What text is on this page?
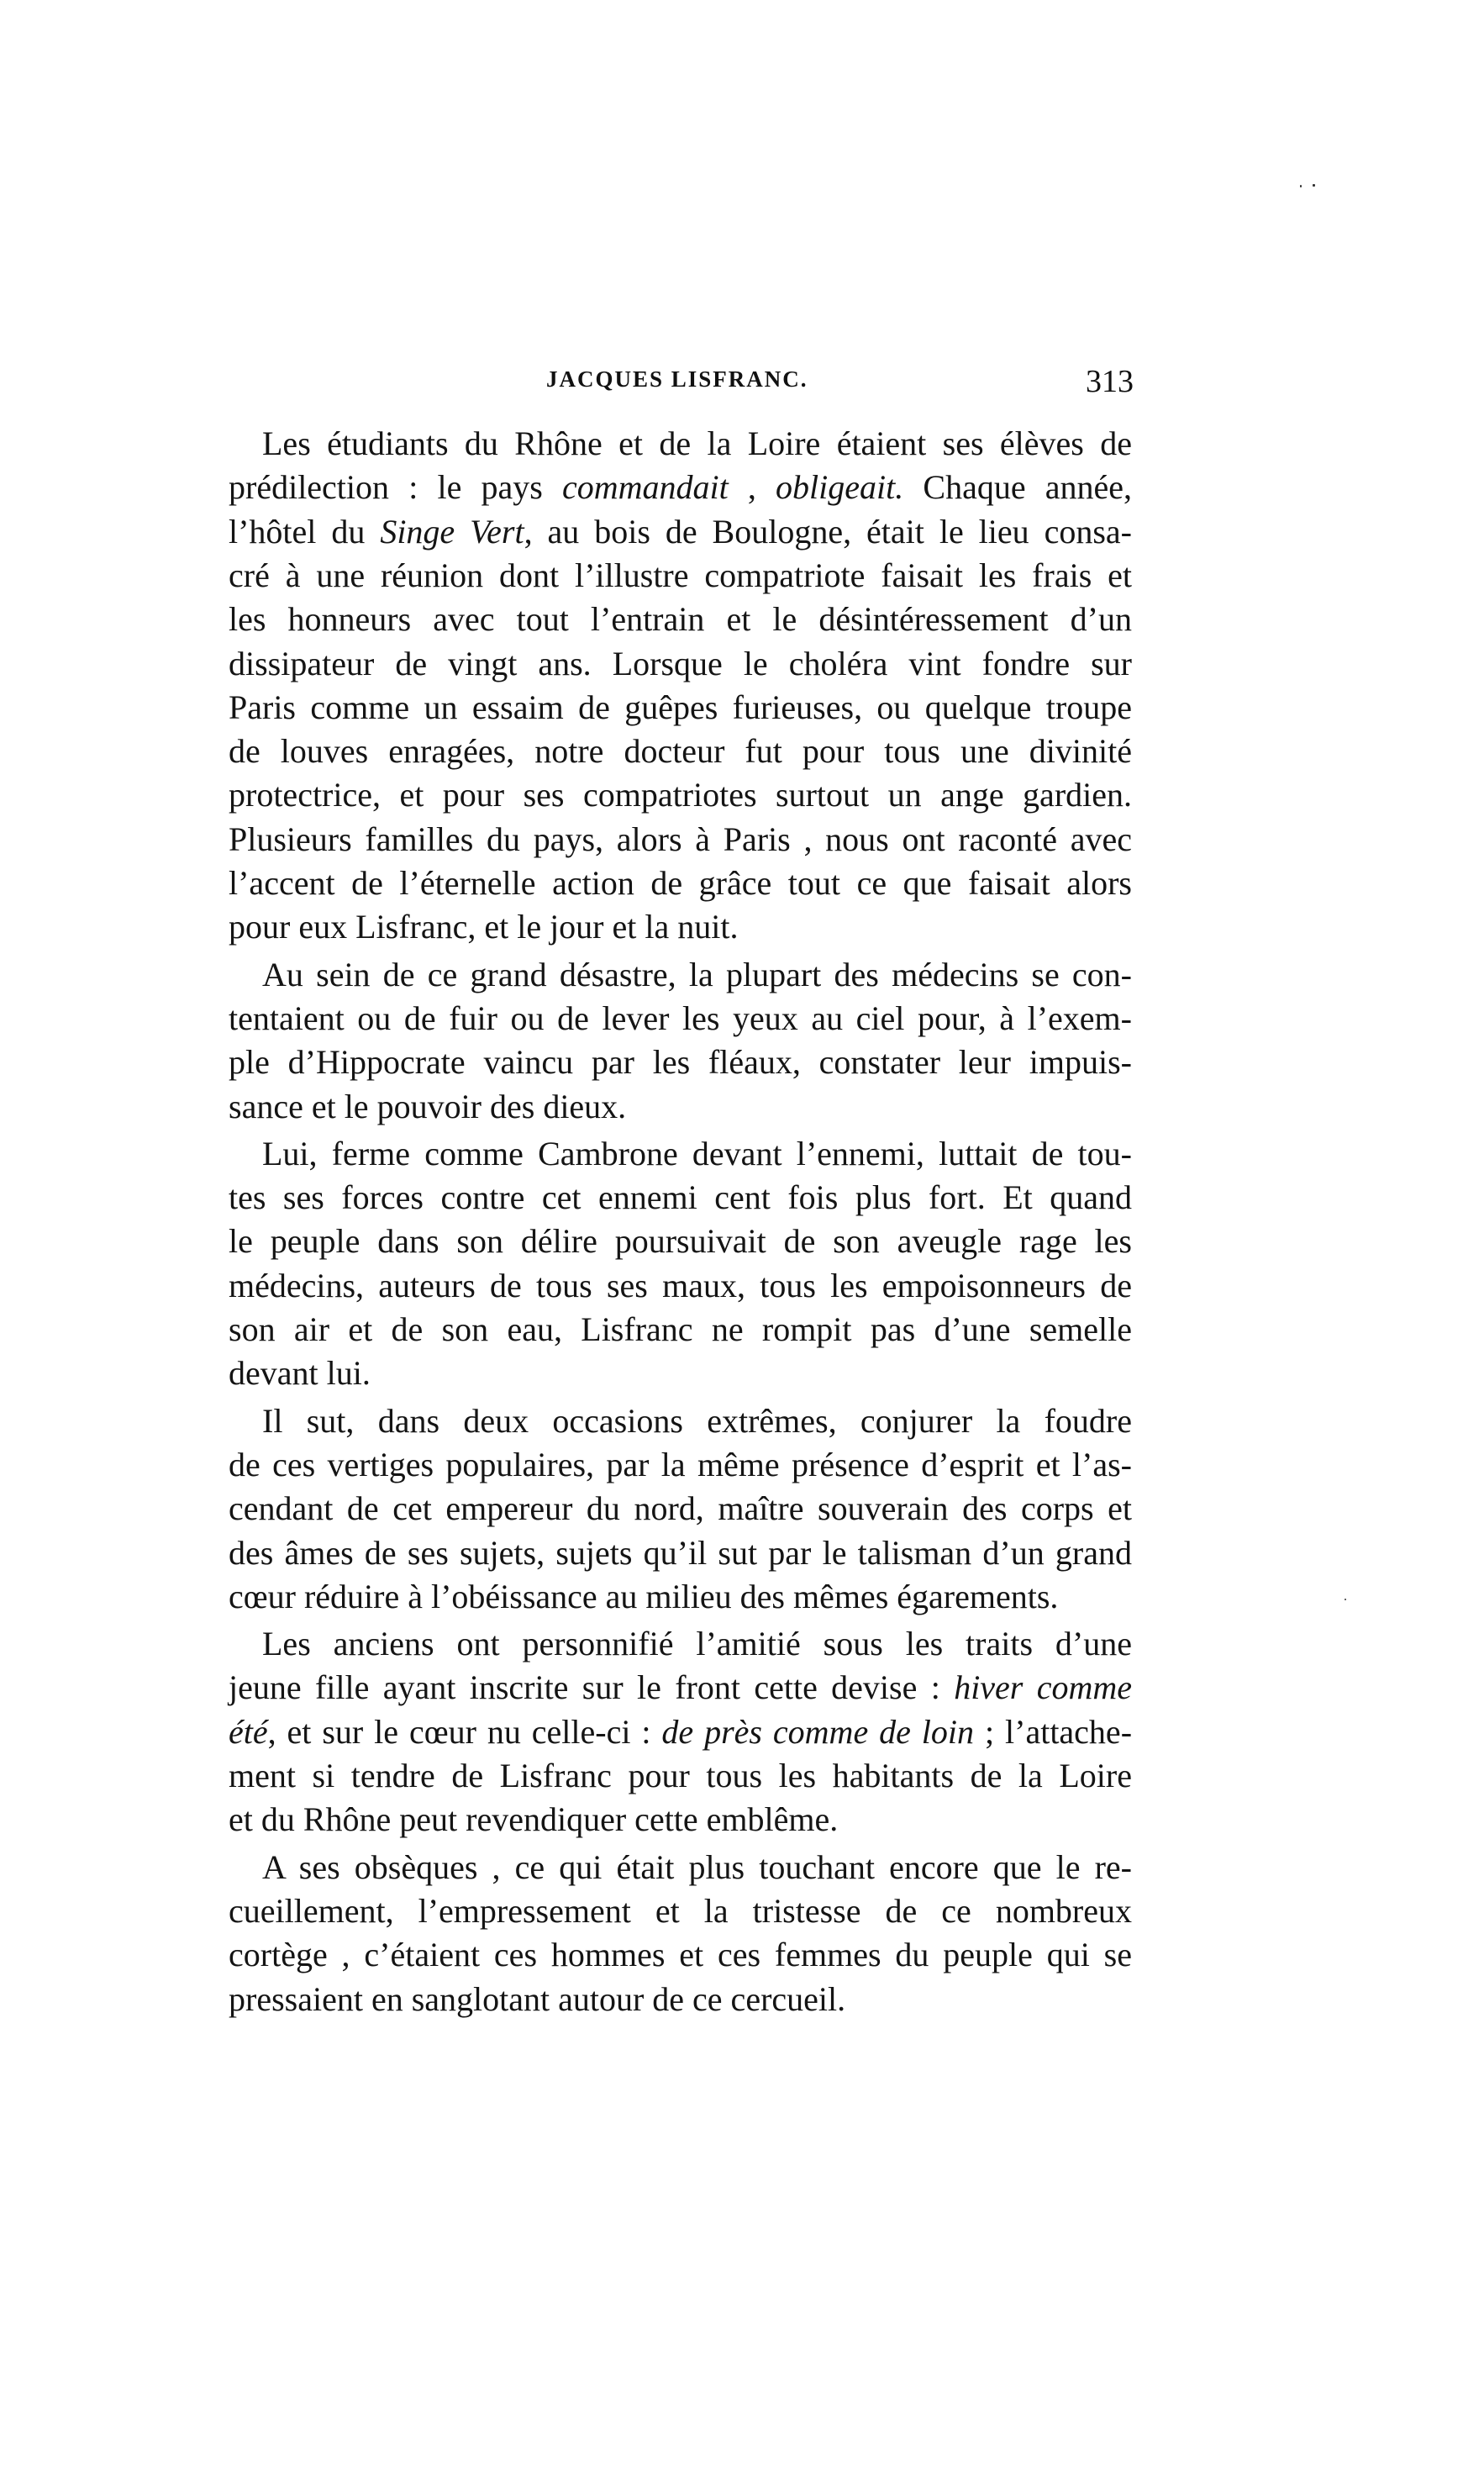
JACQUES LISFRANC.	313
Les étudiants du Rhône et de la Loire étaient ses élèves de
prédilection : le pays commandait , obligeait. Chaque année,
l’hôtel du Singe Vert, au bois de Boulogne, était le lieu consa-
cré à une réunion dont l’illustre compatriote faisait les frais et
les honneurs avec tout l’entrain et le désintéressement d’un
dissipateur de vingt ans. Lorsque le choléra vint fondre sur
Paris comme un essaim de guêpes furieuses, ou quelque troupe
de louves enragées, notre docteur fut pour tous une divinité
protectrice, et pour ses compatriotes surtout un ange gardien.
Plusieurs familles du pays, alors à Paris , nous ont raconté avec
l’accent de l’éternelle action de grâce tout ce que faisait alors
pour eux Lisfranc, et le jour et la nuit.
Au sein de ce grand désastre, la plupart des médecins se con-
tentaient ou de fuir ou de lever les yeux au ciel pour, à l’exem-
ple d’Hippocrate vaincu par les fléaux, constater leur impuis-
sance et le pouvoir des dieux.
Lui, ferme comme Cambrone devant l’ennemi, luttait de tou-
tes ses forces contre cet ennemi cent fois plus fort. Et quand
le peuple dans son délire poursuivait de son aveugle rage les
médecins, auteurs de tous ses maux, tous les empoisonneurs de
son air et de son eau, Lisfranc ne rompit pas d’une semelle
devant lui.
Il sut, dans deux occasions extrêmes, conjurer la foudre
de ces vertiges populaires, par la même présence d’esprit et l’as-
cendant de cet empereur du nord, maître souverain des corps et
des âmes de ses sujets, sujets qu’il sut par le talisman d’un grand
cœur réduire à l’obéissance au milieu des mêmes égarements.
Les anciens ont personnifié l’amitié sous les traits d’une
jeune fille ayant inscrite sur le front cette devise : hiver comme
été, et sur le cœur nu celle-ci : de près comme de loin ; l’attache-
ment si tendre de Lisfranc pour tous les habitants de la Loire
et du Rhône peut revendiquer cette emblême.
A ses obsèques , ce qui était plus touchant encore que le re-
cueillement, l’empressement et la tristesse de ce nombreux
cortège , c’étaient ces hommes et ces femmes du peuple qui se
pressaient en sanglotant autour de ce cercueil.
